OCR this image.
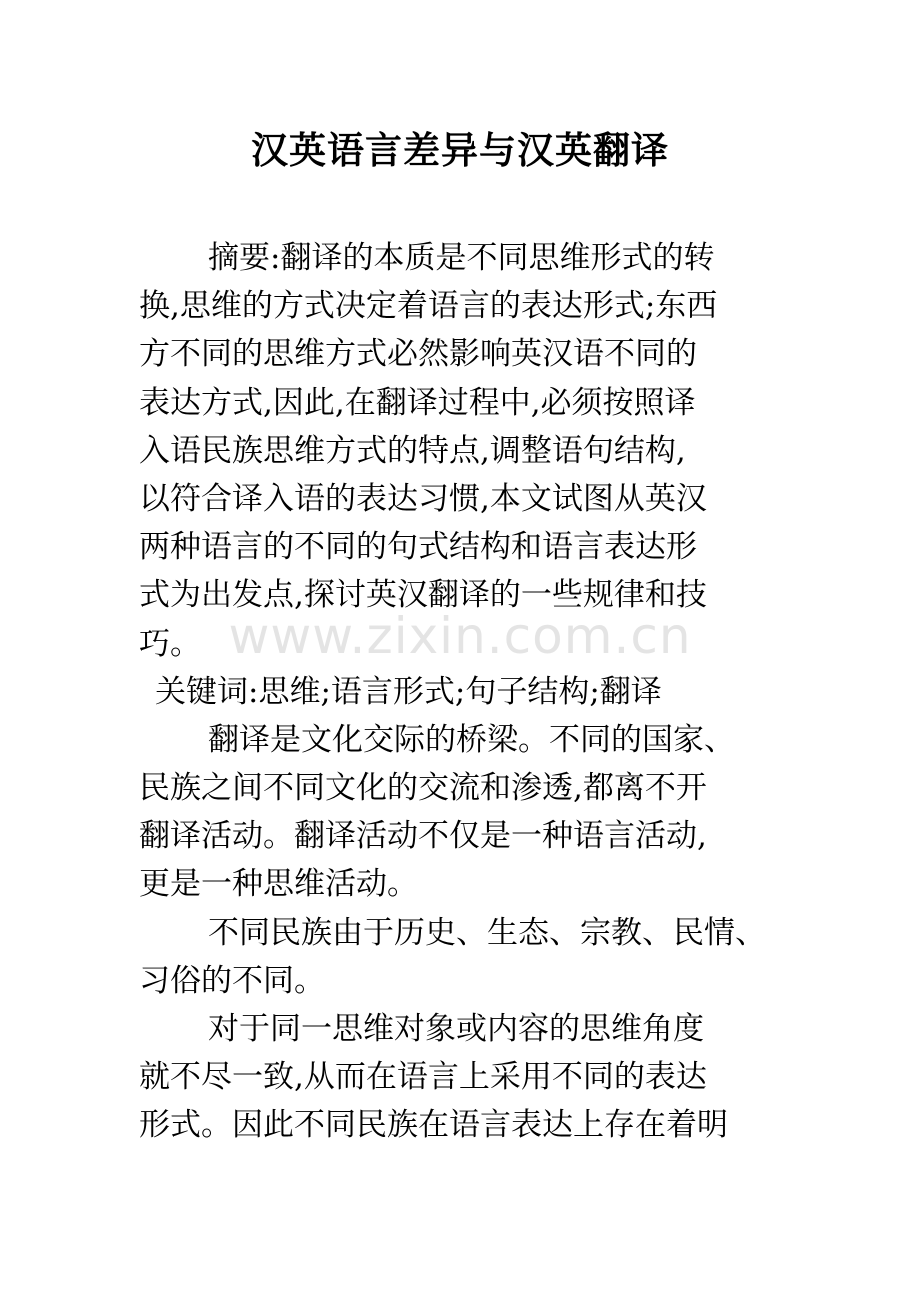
汉英语言差异与汉英翻译
www.zixin.com.cn
摘要:翻译的本质是不同思维形式的转
换,思维的方式决定着语言的表达形式;东西
方不同的思维方式必然影响英汉语不同的
表达方式,因此,在翻译过程中,必须按照译
入语民族思维方式的特点,调整语句结构,
以符合译入语的表达习惯,本文试图从英汉
两种语言的不同的句式结构和语言表达形
式为出发点,探讨英汉翻译的一些规律和技
巧。
关键词:思维;语言形式;句子结构;翻译
翻译是文化交际的桥梁。不同的国家、
民族之间不同文化的交流和渗透,都离不开
翻译活动。翻译活动不仅是一种语言活动,
更是一种思维活动。
不同民族由于历史、生态、宗教、民情、
习俗的不同。
对于同一思维对象或内容的思维角度
就不尽一致,从而在语言上采用不同的表达
形式。因此不同民族在语言表达上存在着明
